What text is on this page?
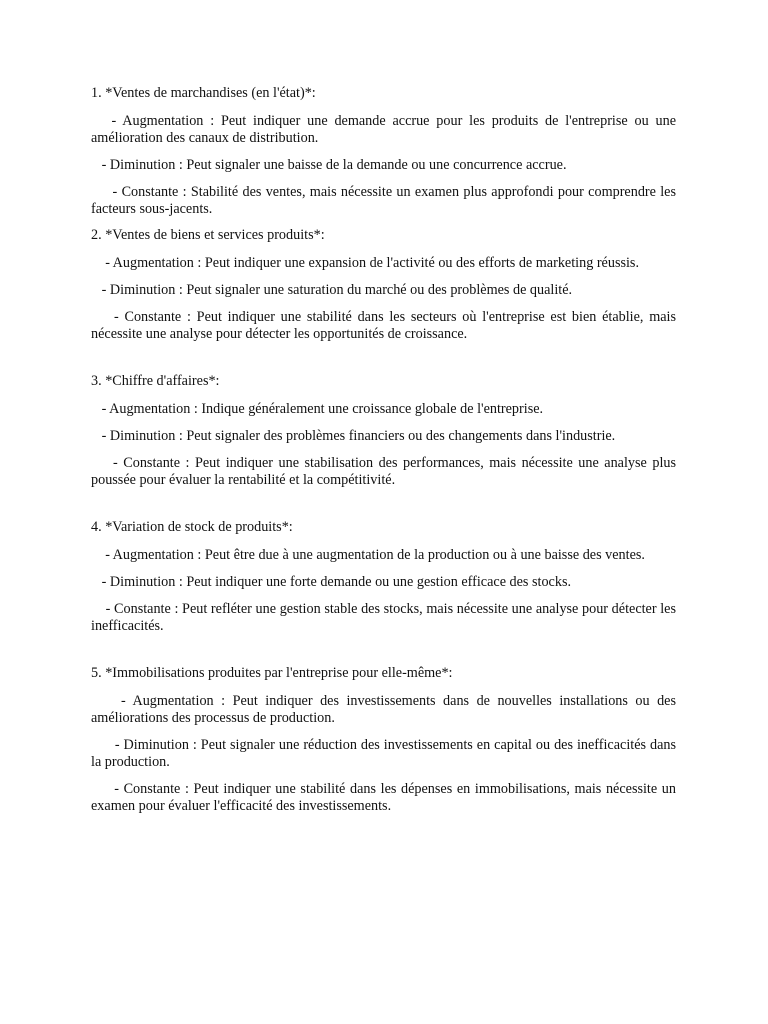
1. *Ventes de marchandises (en l'état)*:

- Augmentation : Peut indiquer une demande accrue pour les produits de l'entreprise ou une amélioration des canaux de distribution.

- Diminution : Peut signaler une baisse de la demande ou une concurrence accrue.

- Constante : Stabilité des ventes, mais nécessite un examen plus approfondi pour comprendre les facteurs sous-jacents.

2. *Ventes de biens et services produits*:

- Augmentation : Peut indiquer une expansion de l'activité ou des efforts de marketing réussis.

- Diminution : Peut signaler une saturation du marché ou des problèmes de qualité.

- Constante : Peut indiquer une stabilité dans les secteurs où l'entreprise est bien établie, mais nécessite une analyse pour détecter les opportunités de croissance.

3. *Chiffre d'affaires*:

- Augmentation : Indique généralement une croissance globale de l'entreprise.

- Diminution : Peut signaler des problèmes financiers ou des changements dans l'industrie.

- Constante : Peut indiquer une stabilisation des performances, mais nécessite une analyse plus poussée pour évaluer la rentabilité et la compétitivité.

4. *Variation de stock de produits*:

- Augmentation : Peut être due à une augmentation de la production ou à une baisse des ventes.

- Diminution : Peut indiquer une forte demande ou une gestion efficace des stocks.

- Constante : Peut refléter une gestion stable des stocks, mais nécessite une analyse pour détecter les inefficacités.

5. *Immobilisations produites par l'entreprise pour elle-même*:

- Augmentation : Peut indiquer des investissements dans de nouvelles installations ou des améliorations des processus de production.

- Diminution : Peut signaler une réduction des investissements en capital ou des inefficacités dans la production.

- Constante : Peut indiquer une stabilité dans les dépenses en immobilisations, mais nécessite un examen pour évaluer l'efficacité des investissements.
